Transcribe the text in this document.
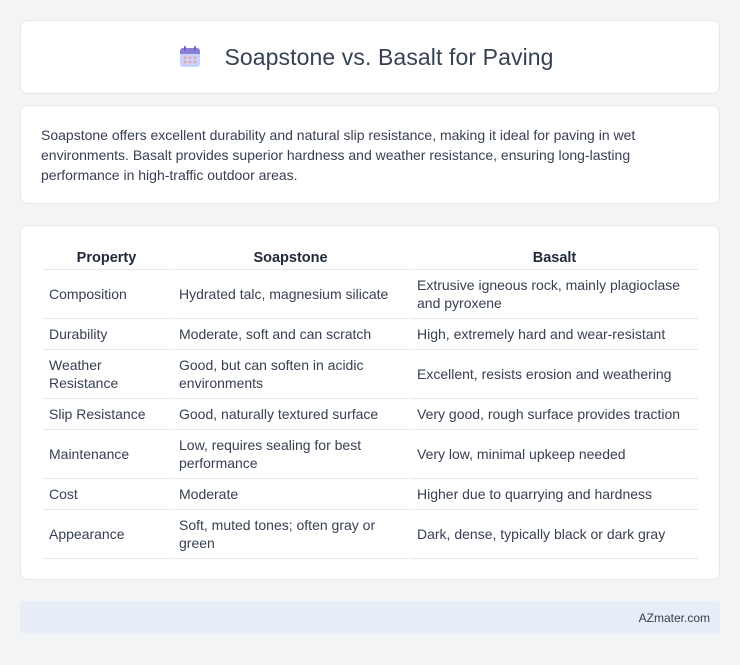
Soapstone vs. Basalt for Paving

Soapstone offers excellent durability and natural slip resistance, making it ideal for paving in wet environments. Basalt provides superior hardness and weather resistance, ensuring long-lasting performance in high-traffic outdoor areas.

Property	Soapstone	Basalt
Composition	Hydrated talc, magnesium silicate	Extrusive igneous rock, mainly plagioclase and pyroxene
Durability	Moderate, soft and can scratch	High, extremely hard and wear-resistant
Weather Resistance	Good, but can soften in acidic environments	Excellent, resists erosion and weathering
Slip Resistance	Good, naturally textured surface	Very good, rough surface provides traction
Maintenance	Low, requires sealing for best performance	Very low, minimal upkeep needed
Cost	Moderate	Higher due to quarrying and hardness
Appearance	Soft, muted tones; often gray or green	Dark, dense, typically black or dark gray
AZmater.com
